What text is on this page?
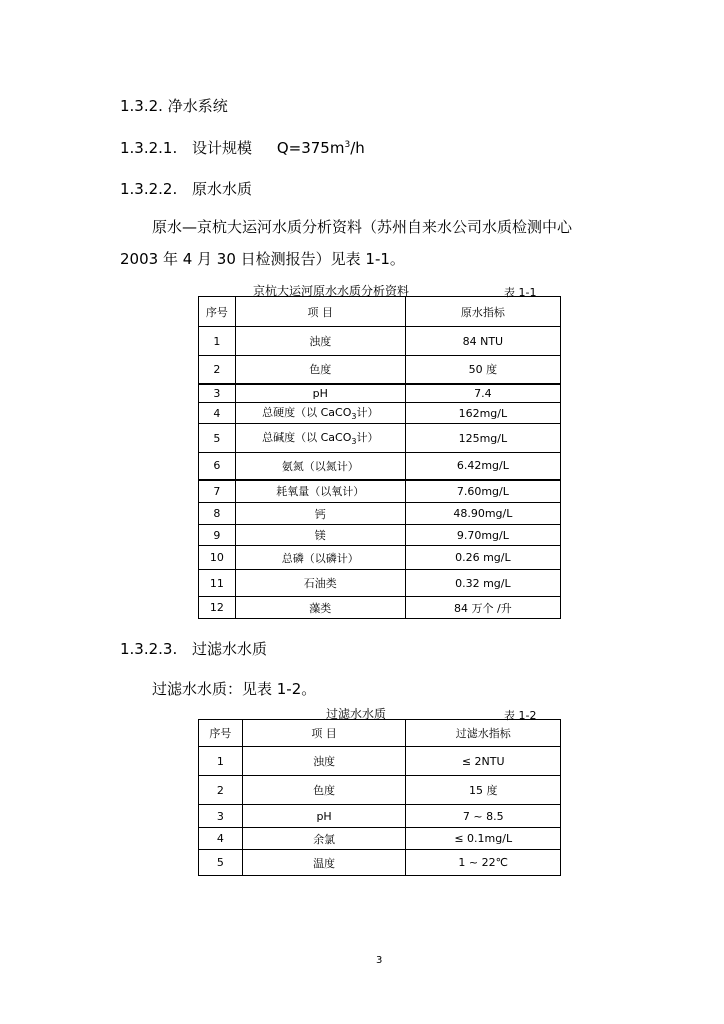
1.3.2. 净水系统
1.3.2.1. 设计规模 $Q=375m^3/h$
1.3.2.2. 原水水质
原水—京杭大运河水质分析资料（苏州自来水公司水质检测中心
2003 年 4 月 30 日检测报告）见表 1-1。
京杭大运河原水水质分析资料	表 1-1
序号	项 目	原水指标
1	浊度	84 NTU
2	色度	50 度
3	pH	7.4
4	总硬度（以 CaCO$_3$计）	162mg/L
5	总碱度（以 CaCO$_3$计）	125mg/L
6	氨氮（以氮计）	6.42mg/L
7	耗氧量（以氧计）	7.60mg/L
8	钙	48.90mg/L
9	镁	9.70mg/L
10	总磷（以磷计）	0.26 mg/L
11	石油类	0.32 mg/L
12	藻类	84 万个 /升
1.3.2.3. 过滤水水质
过滤水水质：见表 1-2。
过滤水水质	表 1-2
序号	项 目	过滤水指标
1	浊度	≤ 2NTU
2	色度	15 度
3	pH	7 ~ 8.5
4	余氯	≤ 0.1mg/L
5	温度	1 ~ 22℃
3
